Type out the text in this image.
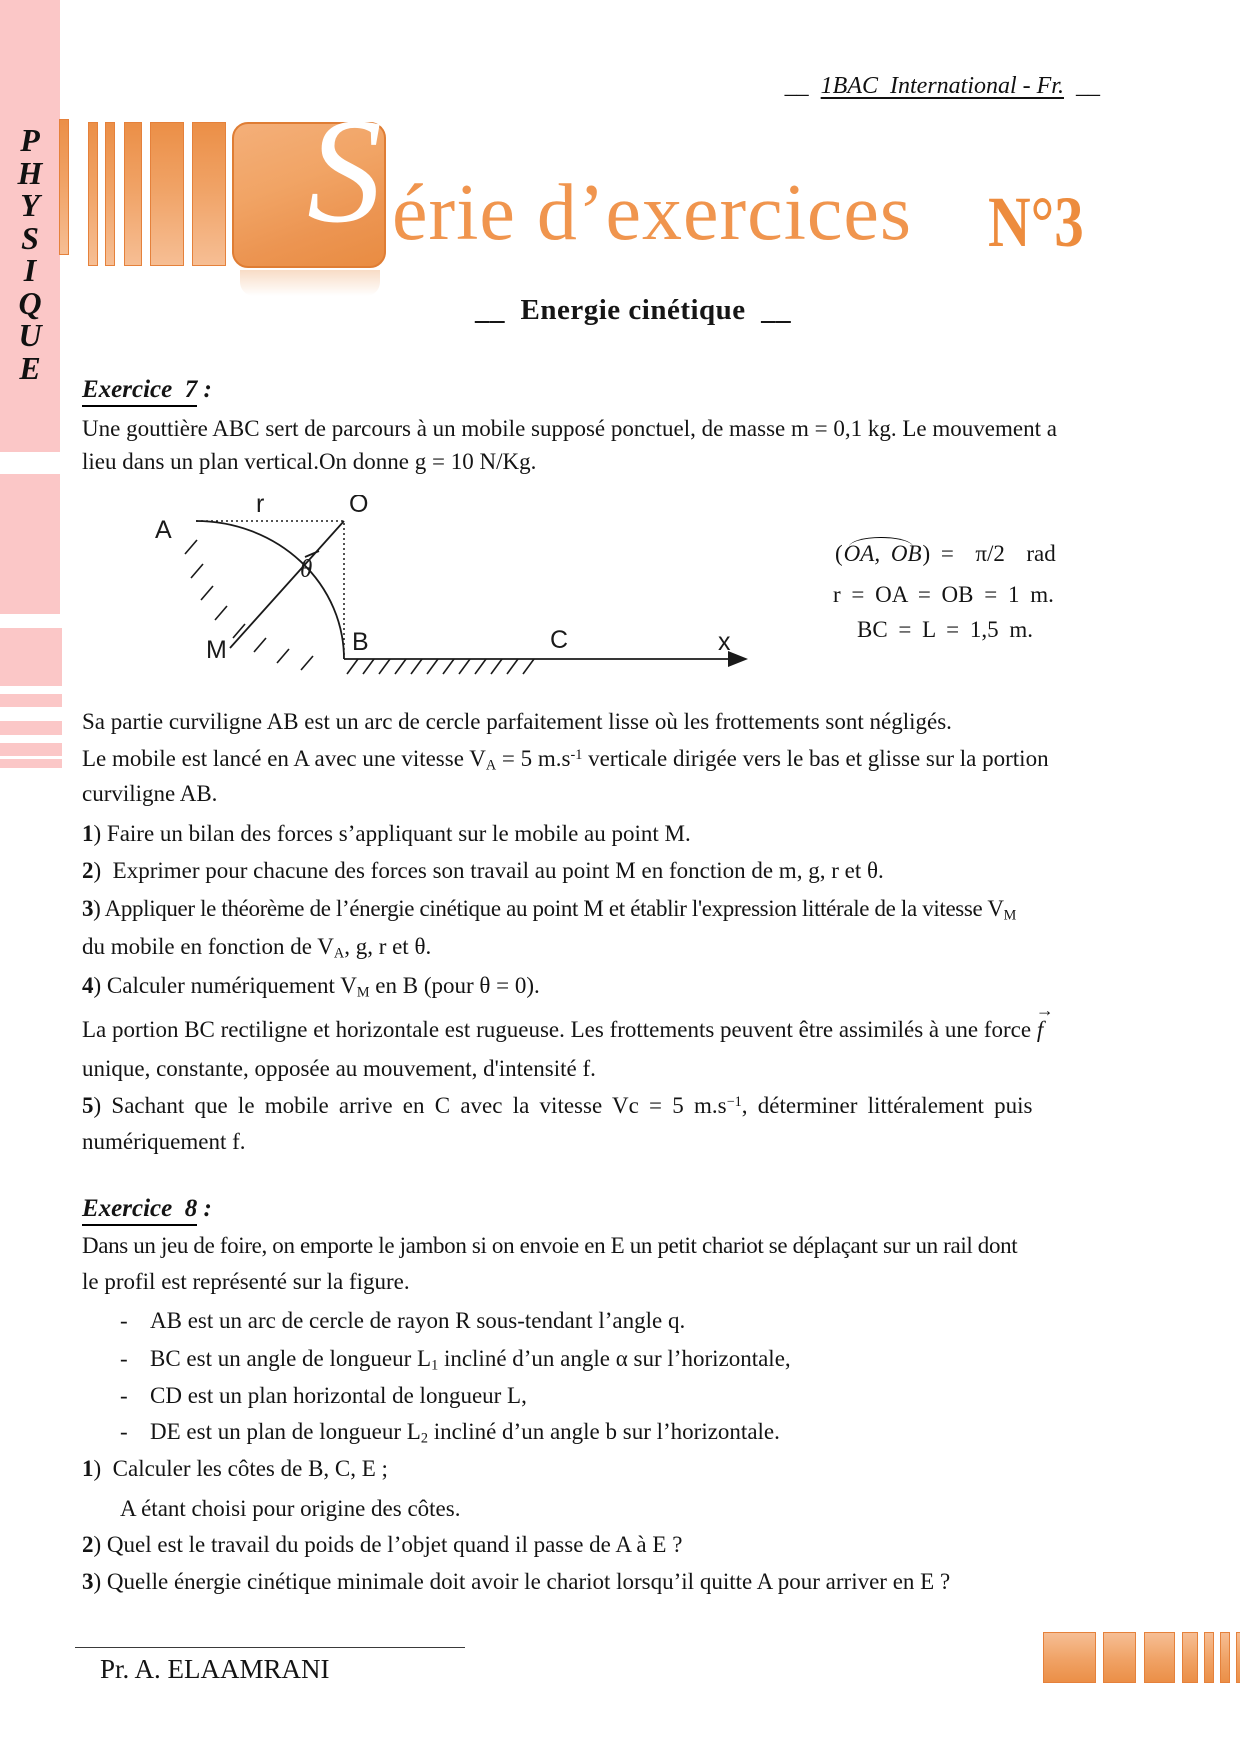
P
H
Y
S
I
Q
U
E
S érie d’exercices N°3
__  Energie cinétique  __
__  1BAC  International - Fr.  __
Exercice  7 :
Une gouttière ABC sert de parcours à un mobile supposé ponctuel, de masse m = 0,1 kg. Le mouvement a
lieu dans un plan vertical.On donne g = 10 N/Kg.
A
r	O
θ
B
M	C	x
(OA, OB) =  π/2  rad
r = OA = OB = 1 m.
BC = L = 1,5 m.
Sa partie curviligne AB est un arc de cercle parfaitement lisse où les frottements sont négligés.
Le mobile est lancé en A avec une vitesse $V_A = 5$ $m.s^{-1}$ verticale dirigée vers le bas et glisse sur la portion
curviligne AB.
1) Faire un bilan des forces s’appliquant sur le mobile au point M.
2)  Exprimer pour chacune des forces son travail au point M en fonction de m, g, r et θ.
3) Appliquer le théorème de l’énergie cinétique au point M et établir l'expression littérale de la vitesse $V_M$
du mobile en fonction de $V_A$, g, r et θ.
4) Calculer numériquement $V_M$ en B (pour θ = 0).
La portion BC rectiligne et horizontale est rugueuse. Les frottements peuvent être assimilés à une force → f
unique, constante, opposée au mouvement, d'intensité f.
5) Sachant que le mobile arrive en C avec la vitesse Vc = 5 $m.s^{-1}$, déterminer littéralement puis
numériquement f.
Exercice  8 :
Dans un jeu de foire, on emporte le jambon si on envoie en E un petit chariot se déplaçant sur un rail dont
le profil est représenté sur la figure.
- AB est un arc de cercle de rayon R sous-tendant l’angle q.
- BC est un angle de longueur $L_1$ incliné d’un angle α sur l’horizontale,
- CD est un plan horizontal de longueur L,
- DE est un plan de longueur $L_2$ incliné d’un angle b sur l’horizontale.
1)  Calculer les côtes de B, C, E ;
A étant choisi pour origine des côtes.
2) Quel est le travail du poids de l’objet quand il passe de A à E ?
3) Quelle énergie cinétique minimale doit avoir le chariot lorsqu’il quitte A pour arriver en E ?
Pr. A. ELAAMRANI
